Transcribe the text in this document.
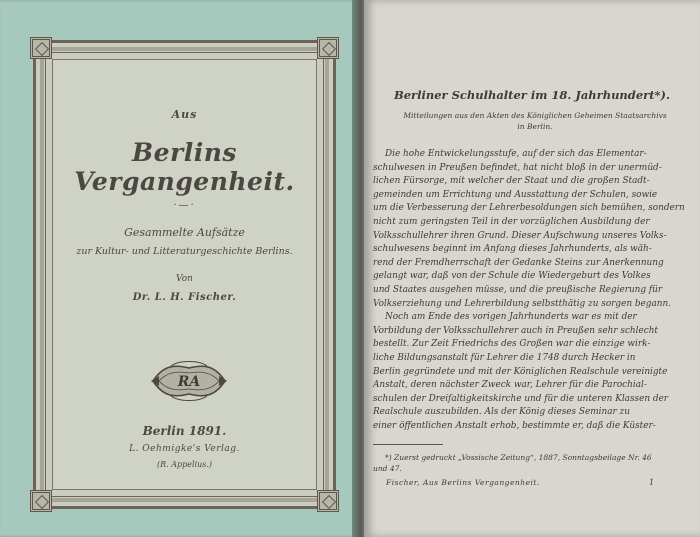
Aus
Berlins Vergangenheit.
·—·
Gesammelte Aufsätze
zur Kultur- und Litteraturgeschichte Berlins.
Von
Dr. L. H. Fischer.
RA
Berlin 1891.
L. Oehmigke's Verlag.
(R. Appelius.)
Berliner Schulhalter im 18. Jahrhundert*).
Mitteilungen aus den Akten des Königlichen Geheimen Staatsarchivs
in Berlin.
Die hohe Entwickelungsstufe, auf der sich das Elementar-
schulwesen in Preußen befindet, hat nicht bloß in der unermüd-
lichen Fürsorge, mit welcher der Staat und die großen Stadt-
gemeinden um Errichtung und Ausstattung der Schulen, sowie
um die Verbesserung der Lehrerbesoldungen sich bemühen, sondern
nicht zum geringsten Teil in der vorzüglichen Ausbildung der
Volksschullehrer ihren Grund. Dieser Aufschwung unseres Volks-
schulwesens beginnt im Anfang dieses Jahrhunderts, als wäh-
rend der Fremdherrschaft der Gedanke Steins zur Anerkennung
gelangt war, daß von der Schule die Wiedergeburt des Volkes
und Staates ausgehen müsse, und die preußische Regierung für
Volkserziehung und Lehrerbildung selbstthätig zu sorgen begann.
Noch am Ende des vorigen Jahrhunderts war es mit der
Vorbildung der Volksschullehrer auch in Preußen sehr schlecht
bestellt. Zur Zeit Friedrichs des Großen war die einzige wirk-
liche Bildungsanstalt für Lehrer die 1748 durch Hecker in
Berlin gegründete und mit der Königlichen Realschule vereinigte
Anstalt, deren nächster Zweck war, Lehrer für die Parochial-
schulen der Dreifaltigkeitskirche und für die unteren Klassen der
Realschule auszubilden. Als der König dieses Seminar zu
einer öffentlichen Anstalt erhob, bestimmte er, daß die Küster-
*) Zuerst gedruckt „Vossische Zeitung“, 1887, Sonntagsbeilage Nr. 46
und 47.
Fischer, Aus Berlins Vergangenheit.	1
